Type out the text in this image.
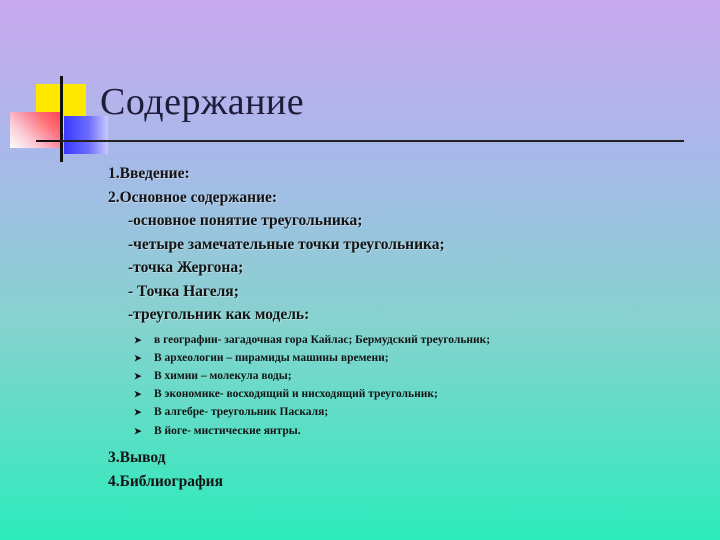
Содержание
1.Введение:
2.Основное содержание:
-основное понятие треугольника;
-четыре замечательные точки треугольника;
-точка Жергона;
- Точка Нагеля;
-треугольник как модель:
➤	в географии- загадочная гора Кайлас; Бермудский треугольник;
➤	В археологии – пирамиды машины времени;
➤	В химии – молекула воды;
➤	В экономике- восходящий и нисходящий треугольник;
➤	В алгебре- треугольник Паскаля;
➤	В йоге- мистические янтры.
3.Вывод
4.Библиография
